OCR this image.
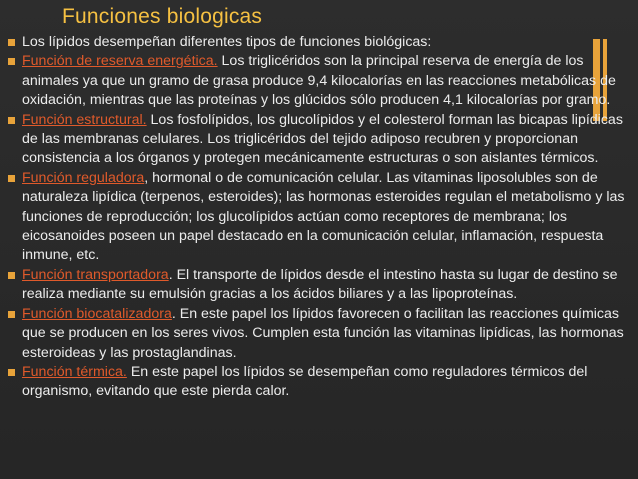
Funciones biologicas
Los lípidos desempeñan diferentes tipos de funciones biológicas:
Función de reserva energética. Los triglicéridos son la principal reserva de energía de los animales ya que un gramo de grasa produce 9,4 kilocalorías en las reacciones metabólicas de oxidación, mientras que las proteínas y los glúcidos sólo producen 4,1 kilocalorías por gramo.
Función estructural. Los fosfolípidos, los glucolípidos y el colesterol forman las bicapas lipídicas de las membranas celulares. Los triglicéridos del tejido adiposo recubren y proporcionan consistencia a los órganos y protegen mecánicamente estructuras o son aislantes térmicos.
Función reguladora, hormonal o de comunicación celular. Las vitaminas liposolubles son de naturaleza lipídica (terpenos, esteroides); las hormonas esteroides regulan el metabolismo y las funciones de reproducción; los glucolípidos actúan como receptores de membrana; los eicosanoides poseen un papel destacado en la comunicación celular, inflamación, respuesta inmune, etc.
Función transportadora. El transporte de lípidos desde el intestino hasta su lugar de destino se realiza mediante su emulsión gracias a los ácidos biliares y a las lipoproteínas.
Función biocatalizadora. En este papel los lípidos favorecen o facilitan las reacciones químicas que se producen en los seres vivos. Cumplen esta función las vitaminas lipídicas, las hormonas esteroideas y las prostaglandinas.
Función térmica. En este papel los lípidos se desempeñan como reguladores térmicos del organismo, evitando que este pierda calor.
